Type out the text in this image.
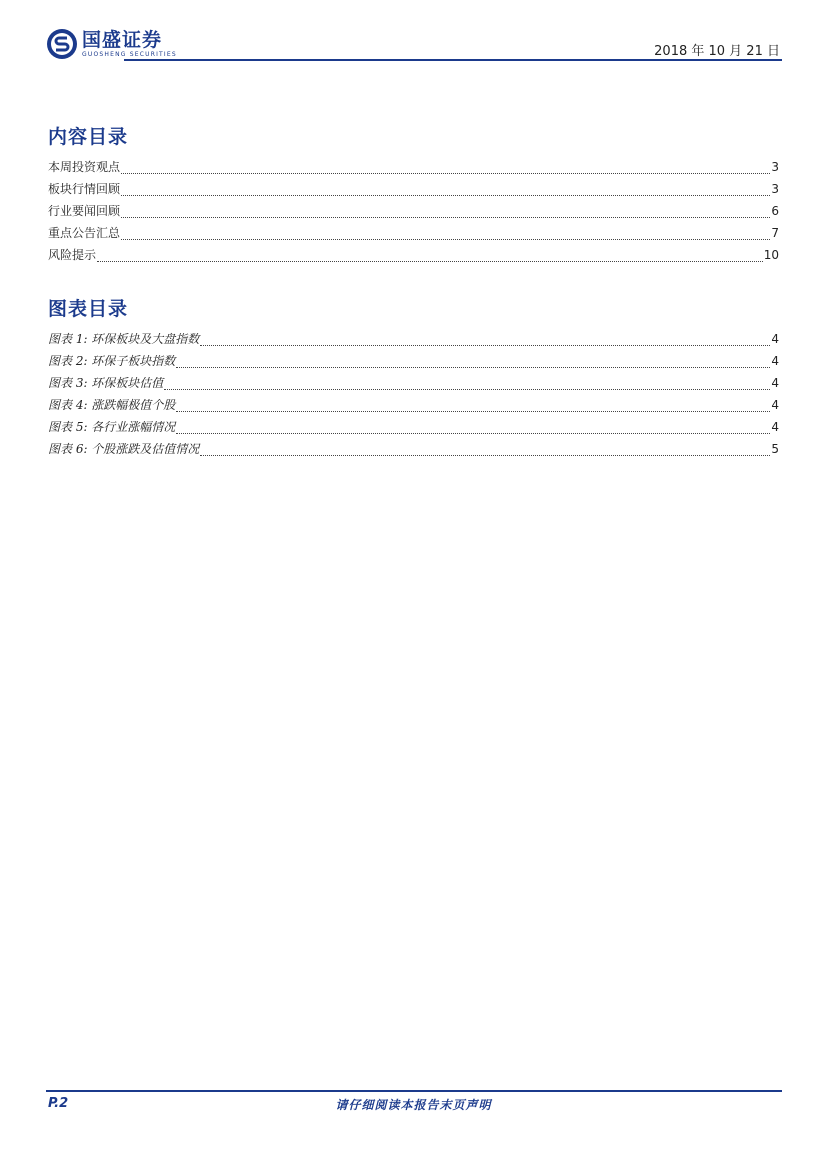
国盛证券
GUOSHENG SECURITIES	2018 年 10 月 21 日
内容目录
本周投资观点	3
板块行情回顾	3
行业要闻回顾	6
重点公告汇总	7
风险提示	10
图表目录
图表 1: 环保板块及大盘指数	4
图表 2: 环保子板块指数	4
图表 3: 环保板块估值	4
图表 4: 涨跌幅极值个股	4
图表 5: 各行业涨幅情况	4
图表 6: 个股涨跌及估值情况	5
P.2	请仔细阅读本报告末页声明
